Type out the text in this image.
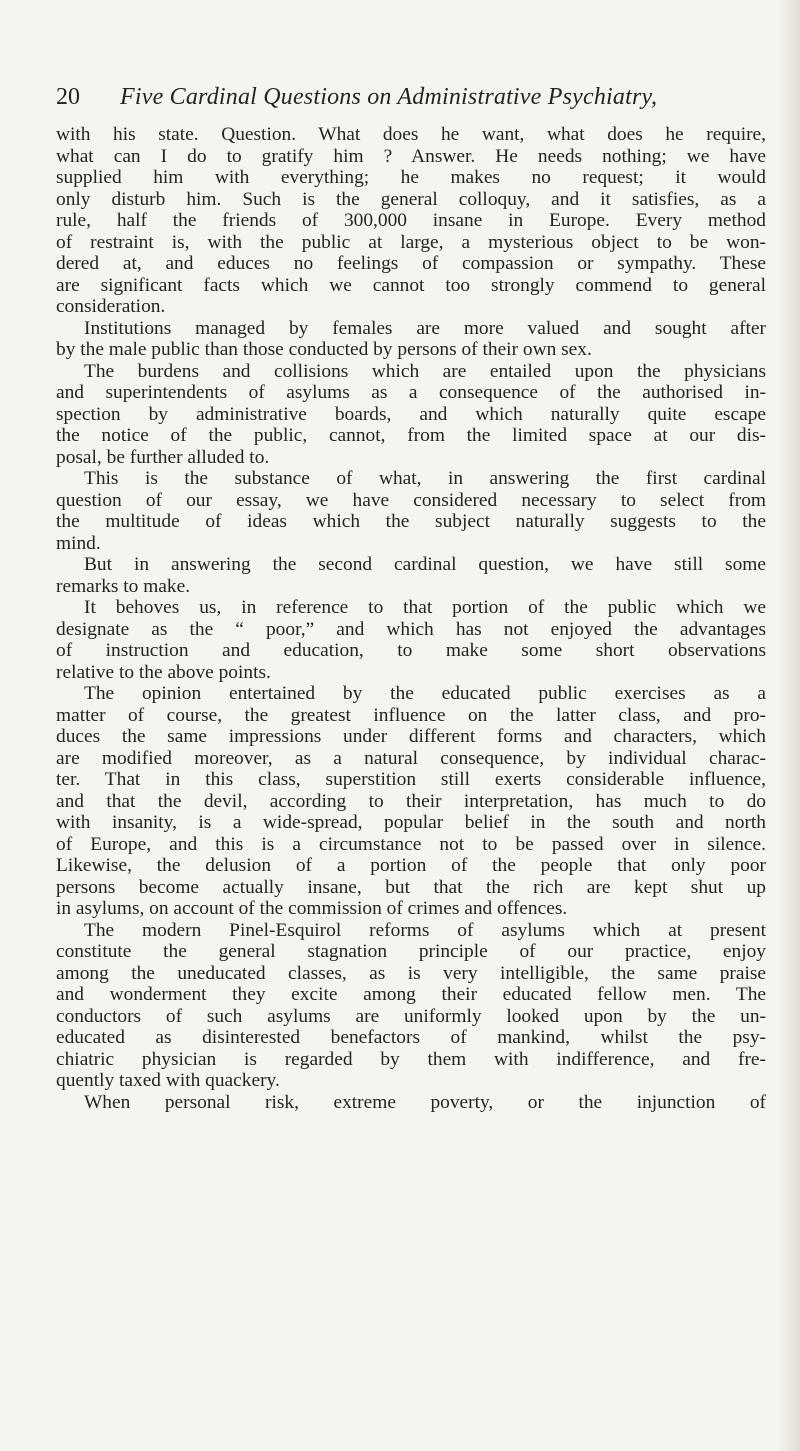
20 Five Cardinal Questions on Administrative Psychiatry,
with his state. Question. What does he want, what does he require,
what can I do to gratify him ? Answer. He needs nothing; we have
supplied him with everything; he makes no request; it would
only disturb him. Such is the general colloquy, and it satisfies, as a
rule, half the friends of 300,000 insane in Europe. Every method
of restraint is, with the public at large, a mysterious object to be won-
dered at, and educes no feelings of compassion or sympathy. These
are significant facts which we cannot too strongly commend to general
consideration.
Institutions managed by females are more valued and sought after
by the male public than those conducted by persons of their own sex.
The burdens and collisions which are entailed upon the physicians
and superintendents of asylums as a consequence of the authorised in-
spection by administrative boards, and which naturally quite escape
the notice of the public, cannot, from the limited space at our dis-
posal, be further alluded to.
This is the substance of what, in answering the first cardinal
question of our essay, we have considered necessary to select from
the multitude of ideas which the subject naturally suggests to the
mind.
But in answering the second cardinal question, we have still some
remarks to make.
It behoves us, in reference to that portion of the public which we
designate as the “ poor,” and which has not enjoyed the advantages
of instruction and education, to make some short observations
relative to the above points.
The opinion entertained by the educated public exercises as a
matter of course, the greatest influence on the latter class, and pro-
duces the same impressions under different forms and characters, which
are modified moreover, as a natural consequence, by individual charac-
ter. That in this class, superstition still exerts considerable influence,
and that the devil, according to their interpretation, has much to do
with insanity, is a wide-spread, popular belief in the south and north
of Europe, and this is a circumstance not to be passed over in silence.
Likewise, the delusion of a portion of the people that only poor
persons become actually insane, but that the rich are kept shut up
in asylums, on account of the commission of crimes and offences.
The modern Pinel-Esquirol reforms of asylums which at present
constitute the general stagnation principle of our practice, enjoy
among the uneducated classes, as is very intelligible, the same praise
and wonderment they excite among their educated fellow men. The
conductors of such asylums are uniformly looked upon by the un-
educated as disinterested benefactors of mankind, whilst the psy-
chiatric physician is regarded by them with indifference, and fre-
quently taxed with quackery.
When personal risk, extreme poverty, or the injunction of
